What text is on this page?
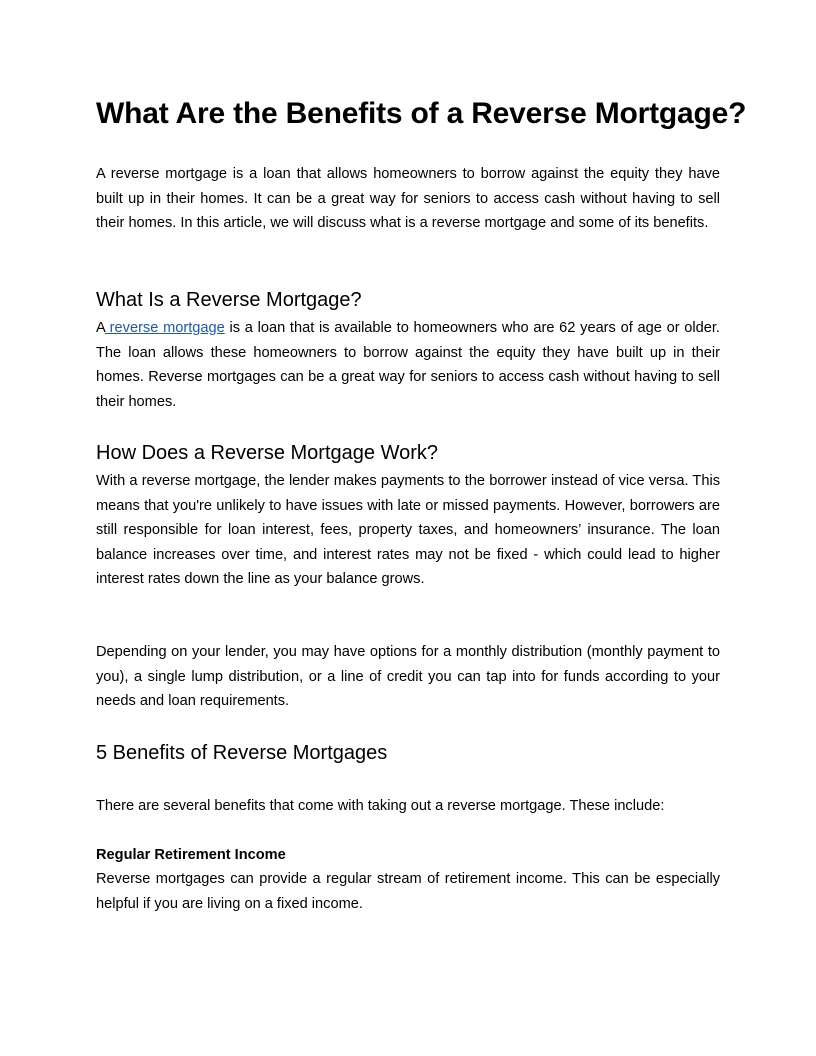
What Are the Benefits of a Reverse Mortgage?

A reverse mortgage is a loan that allows homeowners to borrow against the equity they have built up in their homes. It can be a great way for seniors to access cash without having to sell their homes. In this article, we will discuss what is a reverse mortgage and some of its benefits.

What Is a Reverse Mortgage?

A reverse mortgage is a loan that is available to homeowners who are 62 years of age or older. The loan allows these homeowners to borrow against the equity they have built up in their homes. Reverse mortgages can be a great way for seniors to access cash without having to sell their homes.

How Does a Reverse Mortgage Work?

With a reverse mortgage, the lender makes payments to the borrower instead of vice versa. This means that you're unlikely to have issues with late or missed payments. However, borrowers are still responsible for loan interest, fees, property taxes, and homeowners’ insurance. The loan balance increases over time, and interest rates may not be fixed - which could lead to higher interest rates down the line as your balance grows.

Depending on your lender, you may have options for a monthly distribution (monthly payment to you), a single lump distribution, or a line of credit you can tap into for funds according to your needs and loan requirements.

5 Benefits of Reverse Mortgages

There are several benefits that come with taking out a reverse mortgage. These include:

Regular Retirement Income

Reverse mortgages can provide a regular stream of retirement income. This can be especially helpful if you are living on a fixed income.
